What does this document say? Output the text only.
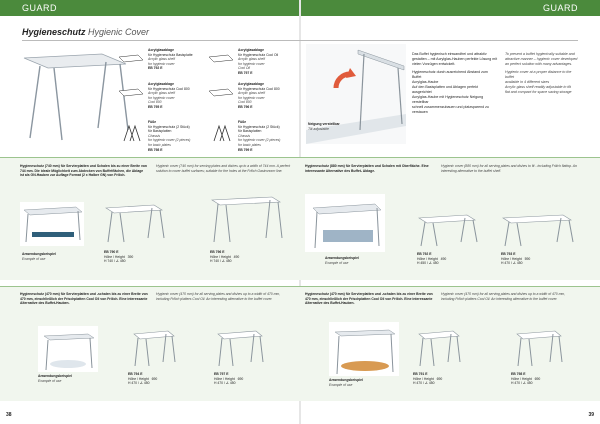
GUARD	GUARD
Hygieneschutz Hygienic Cover
Acrylglasablage
für Hygieneschutz Basisplatte
Acrylic glass shelf
for hygienic cover
EB 792 E
Acrylglasablage
für Hygieneschutz Cool Oil
Acrylic glass shelf
for hygienic cover
Cool Oil
EB 797 E
Acrylglasablage
für Hygieneschutz Cool 800
Acrylic glass shelf
for hygienic cover
Cool 800
EB 795 E
Acrylglasablage
für Hygieneschutz Cool 800
Acrylic glass shelf
for hygienic cover
Cool 800
EB 796 E
Füße
für Hygieneschutz (2 Stück)
für Basisplatten
Chassis
for hygienic cover (2 pieces)
for basic plates
EB 798 E
Füße
für Hygieneschutz (2 Stück)
für Basisplatten
Chassis
for hygienic cover (2 pieces)
for basic plates
EB 799 E
Neigung verstellbar
Tilt adjustable
Das Buffet hygienisch einwandfrei und attraktiv gestalten – mit Acrylglas-Hauben perfekte Lösung mit vielen Vorzügen entwickelt.
Hygieneschutz durch ausreichend Abstand zum Buffet
Acrylglas-Haube
Auf den Basisplatten und Ablagen perfekt ausgerichtet
Acrylglas-Haube mit Hygieneschutz Neigung verstellbar
schnell zusammenzubauen und platzsparend zu verstauen
To present a buffet hygienically suitable and attractive manner – hygienic cover developed an perfect solution with many advantages.
Hygienic cover at a proper distance to the buffet
available in 4 different sizes
Acrylic glass shelf readily adjustable in tilt
flat and compact for space saving storage
Hygieneschutz (740 mm) für Servierplatten und Schalen bis zu einer Breite von 744 mm. Die ideale Möglichkeit zum Abdecken von Buffetflächen, die Ablage ist als GN-Hauben zur Auflage Format (2 x Halber GN) von Frilich.
Hygienic cover (740 mm) for serving plates and dishes up to a width of 744 mm. A perfect solution to cover buffet surfaces; suitable for the holes at the Frilich Gastronorm line.
Anwendungsbeispiel
Example of use
EB 790 E
Höhe / Height 390
H 740 / ∠ 450
EB 796 E
Höhe / Height 490
H 740 / ∠ 450
Hygieneschutz (880 mm) für Servierplatten und Schalen mit Oberfläche. Eine interessante Alternative des Buffet- Ablage.
Hygienic cover (880 mm) for all serving plates and dishes to fit - including Frilich flattop. An interesting alternative to the buffet shelf.
Anwendungsbeispiel
Example of use
EB 792 E
Höhe / Height 490
H 450 / ∠ 450
EB 793 E
Höhe / Height 590
H 470 / ∠ 450
Hygieneschutz (470 mm) für Servierplatten und -schalen bis zu einer Breite von 470 mm, einschließlich der Frischplatten Cool Oil von Frilich. Eine interessante Alternative des Buffet-Hauben.
Hygienic cover (470 mm) for all serving plates and dishes up to a width of 470 mm, including Frilich platters Cool Oil. An interesting alternative to the buffet cover.
Anwendungsbeispiel
Example of use
EB 794 E
Höhe / Height 690
H 470 / ∠ 450
EB 797 E
Höhe / Height 690
H 470 / ∠ 450
Hygieneschutz (470 mm) für Servierplatten und -schalen bis zu einer Breite von 470 mm, einschließlich der Frischplatten Cool Oil von Frilich. Eine interessante Alternative des Buffet-Hauben.
Hygienic cover (470 mm) for all serving plates and dishes up to a width of 470 mm, including Frilich platters Cool Oil. An interesting alternative to the buffet cover.
Anwendungsbeispiel
Example of use
EB 791 E
Höhe / Height 690
H 470 / ∠ 450
EB 798 E
Höhe / Height 690
H 470 / ∠ 450
38	39
